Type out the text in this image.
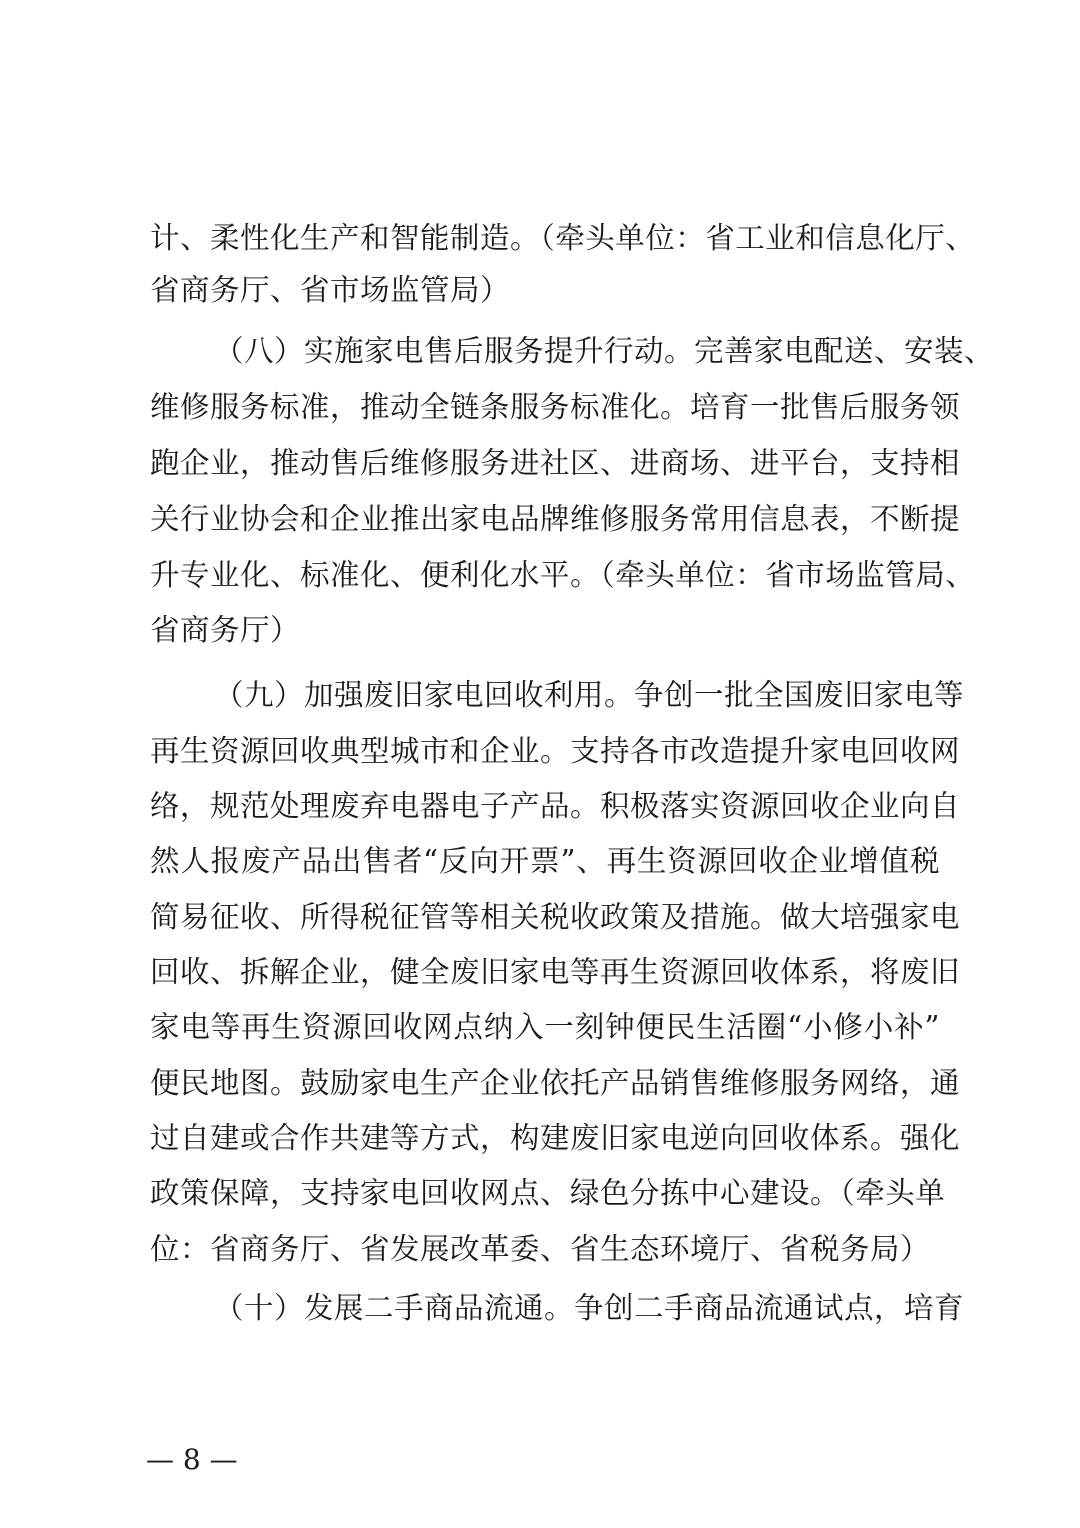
计、柔性化生产和智能制造。（牵头单位：省工业和信息化厅、
省商务厅、省市场监管局）
（八）实施家电售后服务提升行动。完善家电配送、安装、
维修服务标准，推动全链条服务标准化。培育一批售后服务领
跑企业，推动售后维修服务进社区、进商场、进平台，支持相
关行业协会和企业推出家电品牌维修服务常用信息表，不断提
升专业化、标准化、便利化水平。（牵头单位：省市场监管局、
省商务厅）
（九）加强废旧家电回收利用。争创一批全国废旧家电等
再生资源回收典型城市和企业。支持各市改造提升家电回收网
络，规范处理废弃电器电子产品。积极落实资源回收企业向自
然人报废产品出售者“反向开票”、再生资源回收企业增值税
简易征收、所得税征管等相关税收政策及措施。做大培强家电
回收、拆解企业，健全废旧家电等再生资源回收体系，将废旧
家电等再生资源回收网点纳入一刻钟便民生活圈“小修小补”
便民地图。鼓励家电生产企业依托产品销售维修服务网络，通
过自建或合作共建等方式，构建废旧家电逆向回收体系。强化
政策保障，支持家电回收网点、绿色分拣中心建设。（牵头单
位：省商务厅、省发展改革委、省生态环境厅、省税务局）
（十）发展二手商品流通。争创二手商品流通试点，培育
— 8 —
